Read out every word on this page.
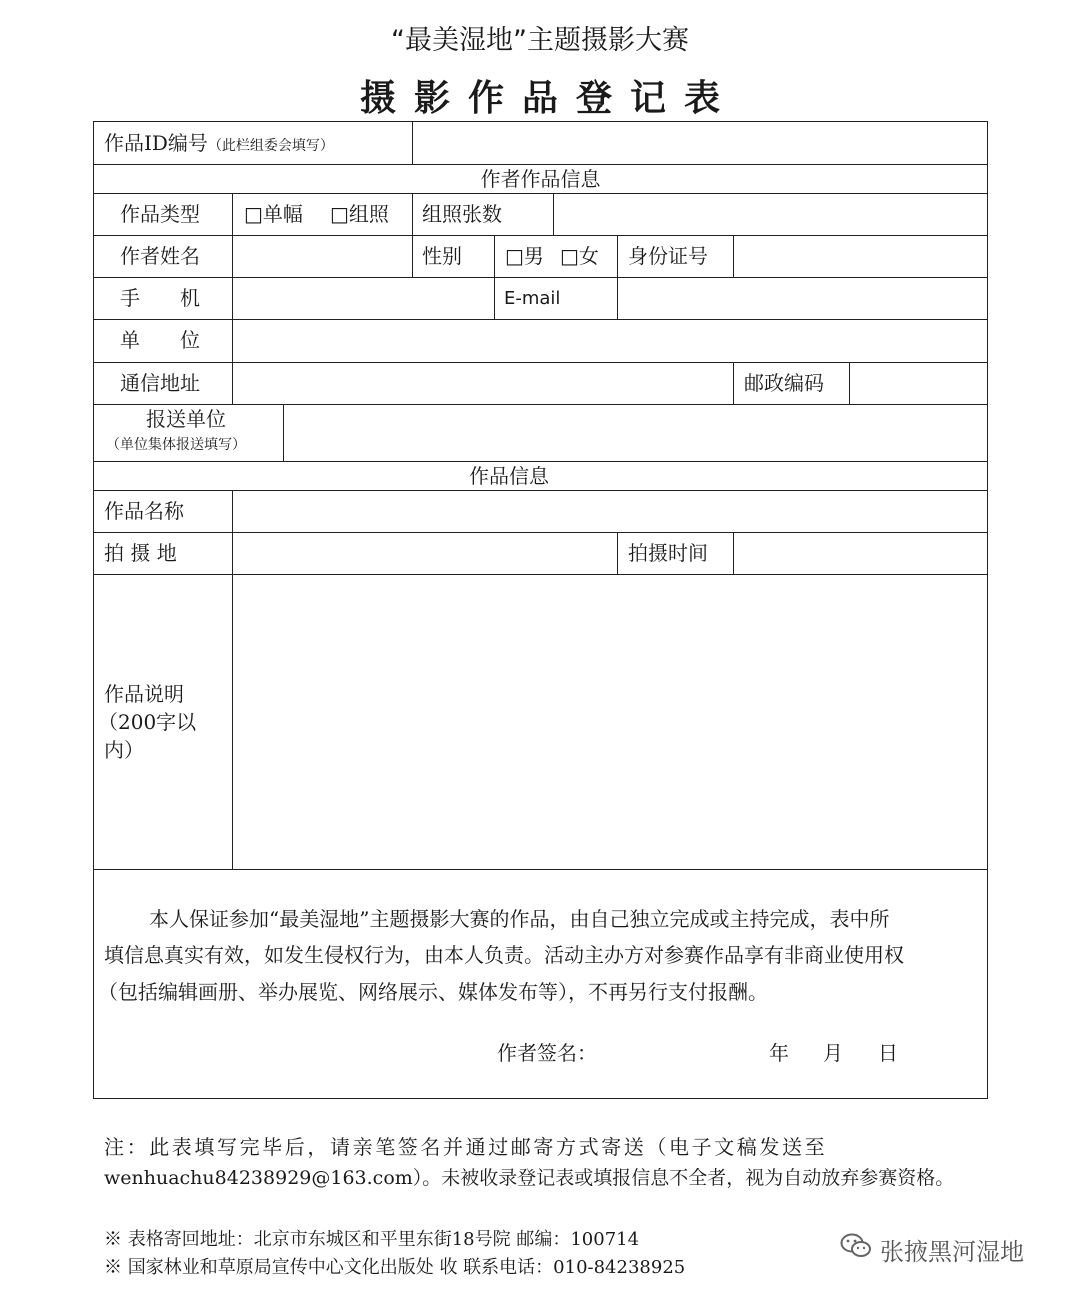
“最美湿地”主题摄影大赛
摄影作品登记表
作品ID编号（此栏组委会填写）
作者作品信息
作品类型 □单幅 □组照 组照张数
作者姓名	性别 □男 □女 身份证号
手　　机	E-mail
单　　位
通信地址	邮政编码
报送单位
（单位集体报送填写）
作品信息
作品名称
拍 摄 地	拍摄时间
作品说明
（200字以
内）
本人保证参加“最美湿地”主题摄影大赛的作品，由自己独立完成或主持完成，表中所
填信息真实有效，如发生侵权行为，由本人负责。活动主办方对参赛作品享有非商业使用权
（包括编辑画册、举办展览、网络展示、媒体发布等），不再另行支付报酬。
作者签名：	年 月 日
注：此表填写完毕后，请亲笔签名并通过邮寄方式寄送（电子文稿发送至
wenhuachu84238929@163.com）。未被收录登记表或填报信息不全者，视为自动放弃参赛资格。
※ 表格寄回地址：北京市东城区和平里东街18号院 邮编：100714
※ 国家林业和草原局宣传中心文化出版处 收 联系电话：010-84238925
张掖黑河湿地
